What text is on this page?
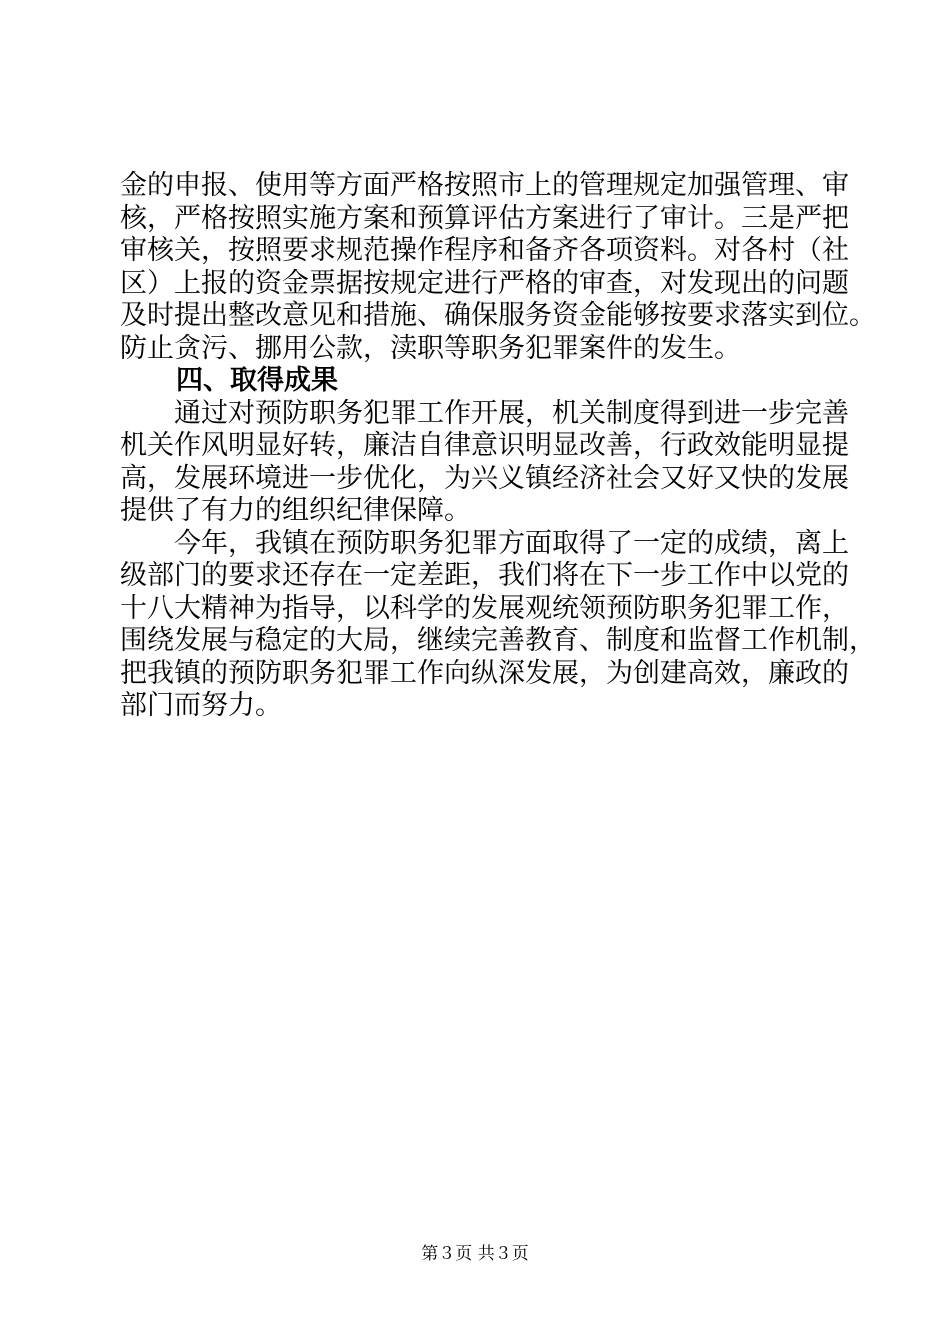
金的申报、使用等方面严格按照市上的管理规定加强管理、审
核，严格按照实施方案和预算评估方案进行了审计。三是严把
审核关，按照要求规范操作程序和备齐各项资料。对各村（社
区）上报的资金票据按规定进行严格的审查，对发现出的问题
及时提出整改意见和措施、确保服务资金能够按要求落实到位。
防止贪污、挪用公款，渎职等职务犯罪案件的发生。
四、取得成果
通过对预防职务犯罪工作开展，机关制度得到进一步完善
机关作风明显好转，廉洁自律意识明显改善，行政效能明显提
高，发展环境进一步优化，为兴义镇经济社会又好又快的发展
提供了有力的组织纪律保障。
今年，我镇在预防职务犯罪方面取得了一定的成绩，离上
级部门的要求还存在一定差距，我们将在下一步工作中以党的
十八大精神为指导，以科学的发展观统领预防职务犯罪工作，
围绕发展与稳定的大局，继续完善教育、制度和监督工作机制，
把我镇的预防职务犯罪工作向纵深发展，为创建高效，廉政的
部门而努力。
第３页 共３页
